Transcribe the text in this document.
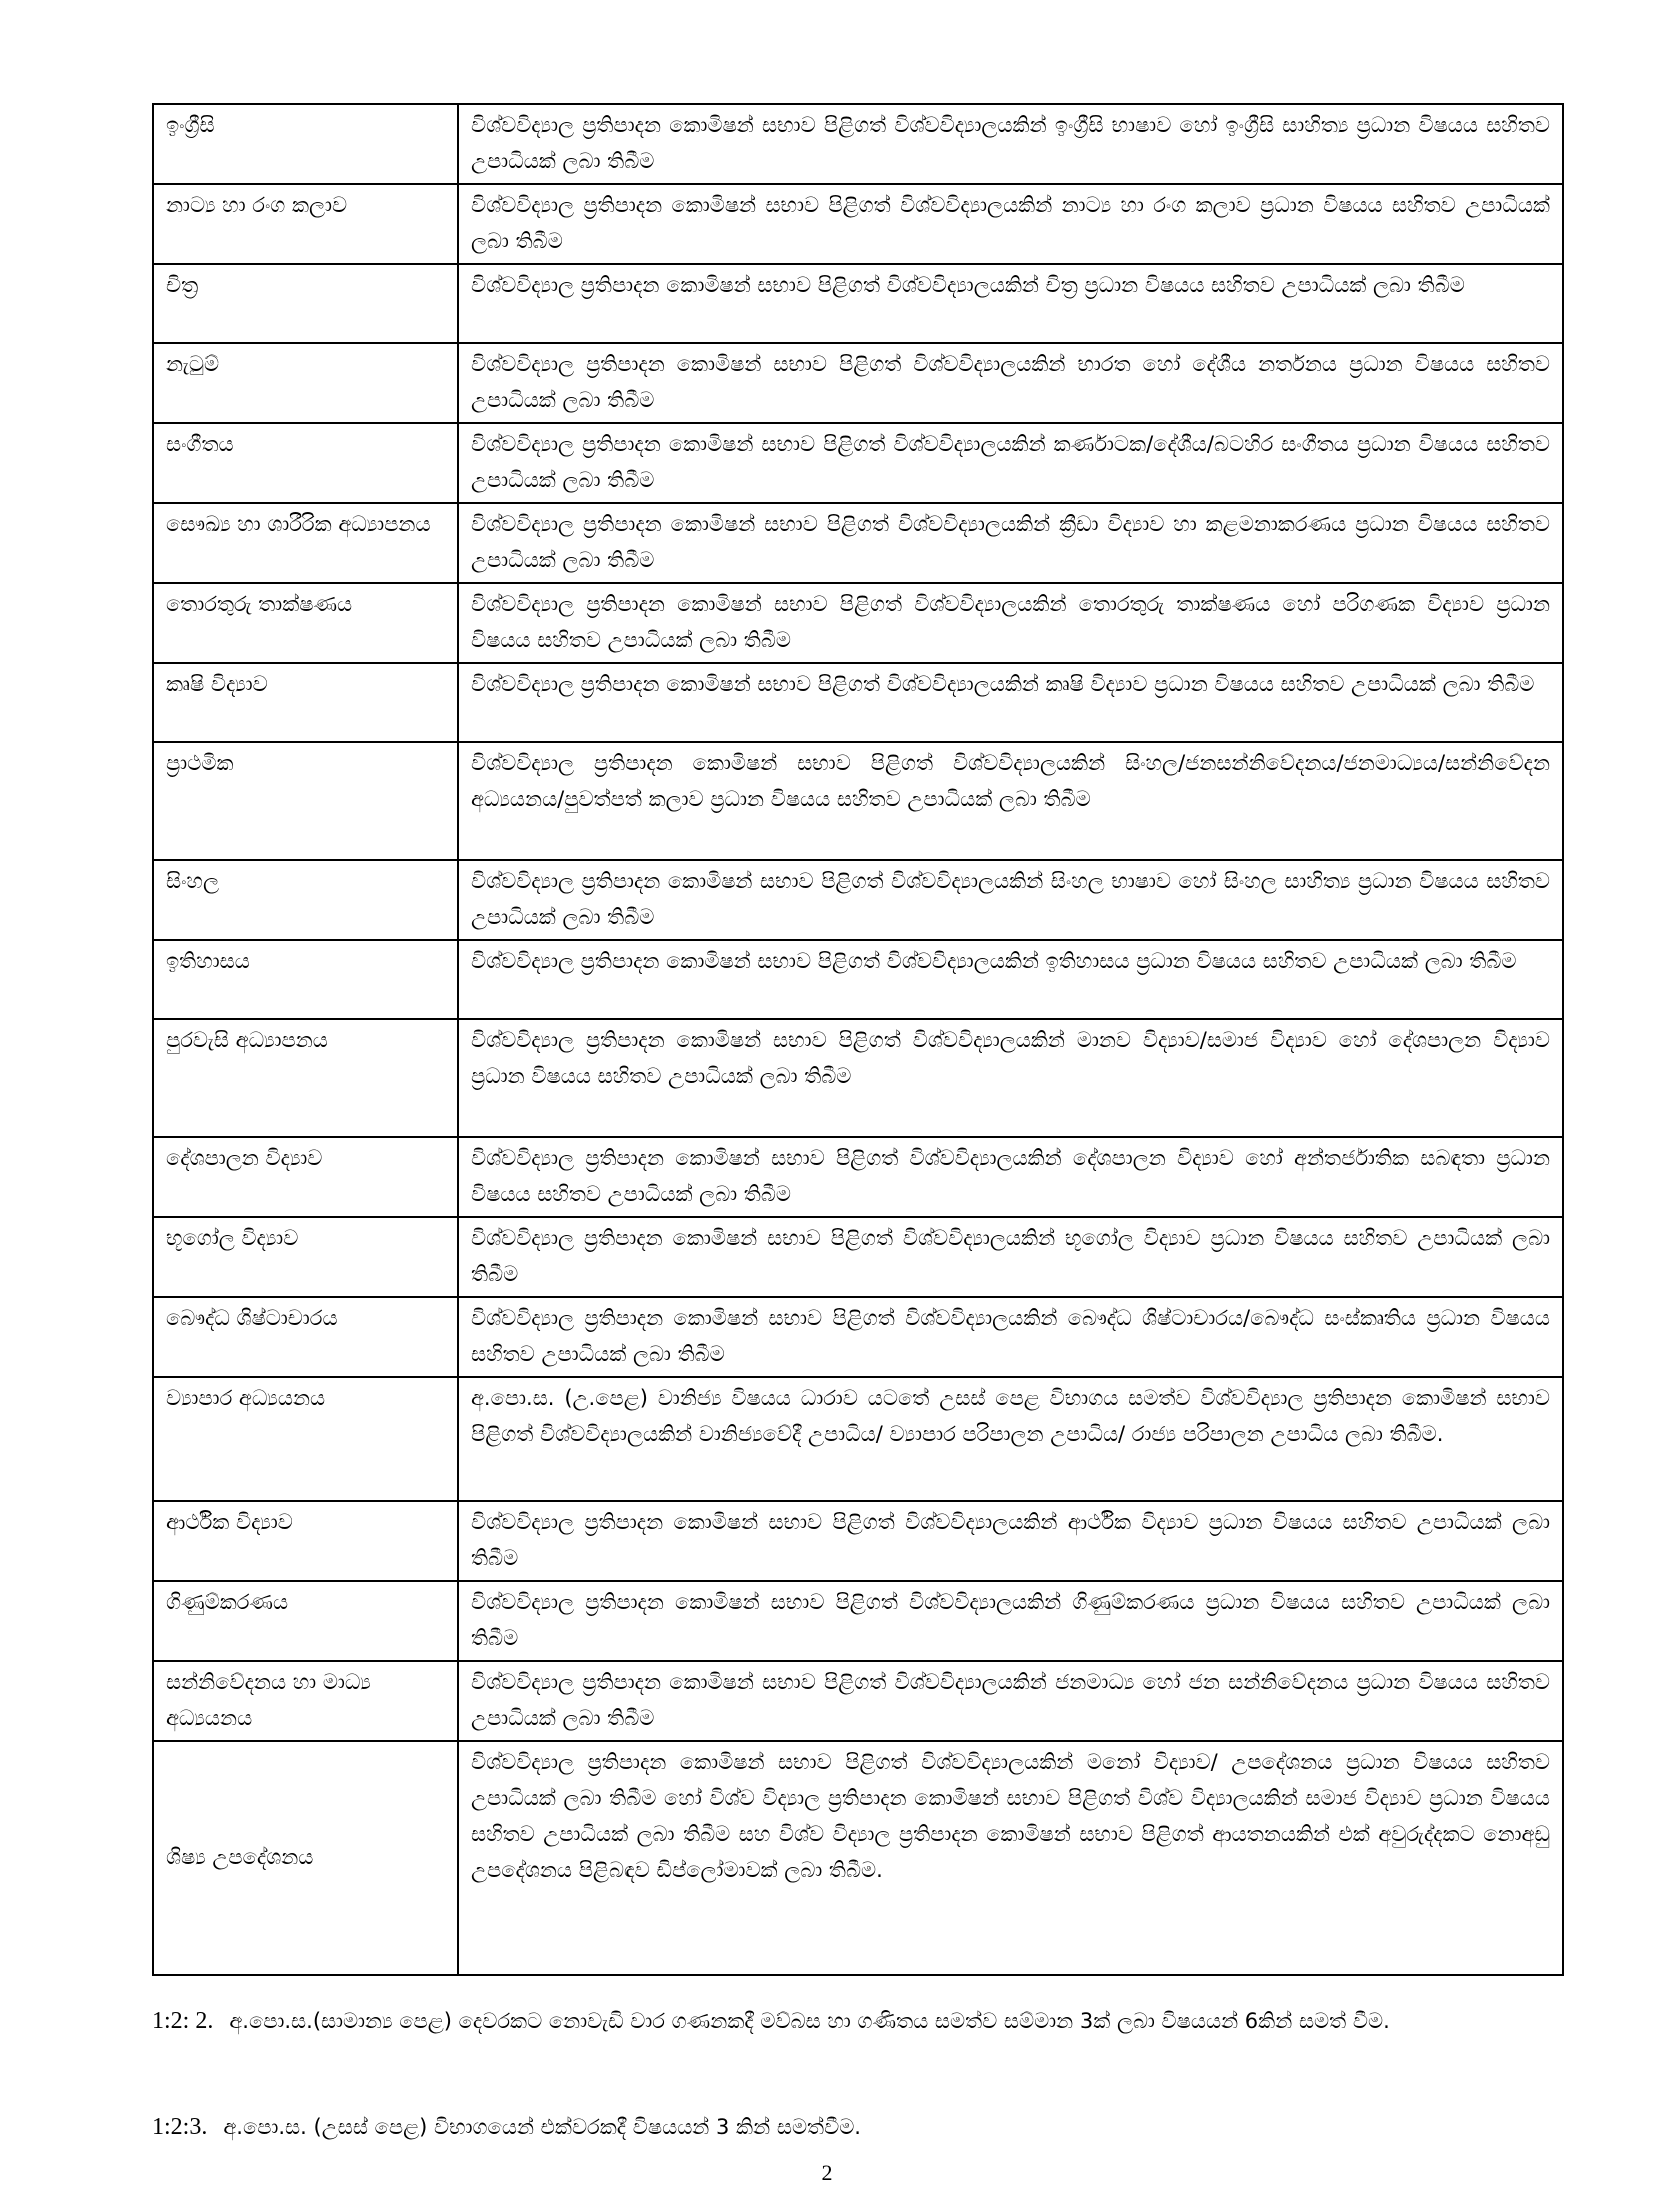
ඉංග්‍රීසි	විශ්වවිද්‍යාල ප්‍රතිපාදන කොමිෂන් සභාව පිළිගත් විශ්වවිද්‍යාලයකින් ඉංග්‍රීසි භාෂාව හෝ ඉංග්‍රීසි සාහිත්‍ය ප්‍රධාන විෂයය සහිතව උපාධියක් ලබා තිබීම
නාට්‍ය හා රංග කලාව	විශ්වවිද්‍යාල ප්‍රතිපාදන කොමිෂන් සභාව පිළිගත් විශ්වවිද්‍යාලයකින් නාට්‍ය හා රංග කලාව ප්‍රධාන විෂයය සහිතව උපාධියක් ලබා තිබීම
චිත්‍ර	විශ්වවිද්‍යාල ප්‍රතිපාදන කොමිෂන් සභාව පිළිගත් විශ්වවිද්‍යාලයකින් චිත්‍ර ප්‍රධාන විෂයය සහිතව උපාධියක් ලබා තිබීම
නැටුම්	විශ්වවිද්‍යාල ප්‍රතිපාදන කොමිෂන් සභාව පිළිගත් විශ්වවිද්‍යාලයකින් භාරත හෝ දේශීය නර්තනය ප්‍රධාන විෂයය සහිතව උපාධියක් ලබා තිබීම
සංගීතය	විශ්වවිද්‍යාල ප්‍රතිපාදන කොමිෂන් සභාව පිළිගත් විශ්වවිද්‍යාලයකින් කර්ණාටක/දේශීය/බටහිර සංගීතය ප්‍රධාන විෂයය සහිතව උපාධියක් ලබා තිබීම
සෞඛ්‍ය හා ශාරීරික අධ්‍යාපනය	විශ්වවිද්‍යාල ප්‍රතිපාදන කොමිෂන් සභාව පිළිගත් විශ්වවිද්‍යාලයකින් ක්‍රීඩා විද්‍යාව හා කළමනාකරණය ප්‍රධාන විෂයය සහිතව උපාධියක් ලබා තිබීම
තොරතුරු තාක්ෂණය	විශ්වවිද්‍යාල ප්‍රතිපාදන කොමිෂන් සභාව පිළිගත් විශ්වවිද්‍යාලයකින් තොරතුරු තාක්ෂණය හෝ පරිගණක විද්‍යාව ප්‍රධාන විෂයය සහිතව උපාධියක් ලබා තිබීම
කෘෂි විද්‍යාව	විශ්වවිද්‍යාල ප්‍රතිපාදන කොමිෂන් සභාව පිළිගත් විශ්වවිද්‍යාලයකින් කෘෂි විද්‍යාව ප්‍රධාන විෂයය සහිතව උපාධියක් ලබා තිබීම
ප්‍රාථමික	විශ්වවිද්‍යාල ප්‍රතිපාදන කොමිෂන් සභාව පිළිගත් විශ්වවිද්‍යාලයකින් සිංහල/ජනසන්නිවේදනය/ජනමාධ්‍යය/සන්නිවේදන අධ්‍යයනය/පුවත්පත් කලාව ප්‍රධාන විෂයය සහිතව උපාධියක් ලබා තිබීම
සිංහල	විශ්වවිද්‍යාල ප්‍රතිපාදන කොමිෂන් සභාව පිළිගත් විශ්වවිද්‍යාලයකින් සිංහල භාෂාව හෝ සිංහල සාහිත්‍ය ප්‍රධාන විෂයය සහිතව උපාධියක් ලබා තිබීම
ඉතිහාසය	විශ්වවිද්‍යාල ප්‍රතිපාදන කොමිෂන් සභාව පිළිගත් විශ්වවිද්‍යාලයකින් ඉතිහාසය ප්‍රධාන විෂයය සහිතව උපාධියක් ලබා තිබීම
පුරවැසි අධ්‍යාපනය	විශ්වවිද්‍යාල ප්‍රතිපාදන කොමිෂන් සභාව පිළිගත් විශ්වවිද්‍යාලයකින් මානව විද්‍යාව/සමාජ විද්‍යාව හෝ දේශපාලන විද්‍යාව ප්‍රධාන විෂයය සහිතව උපාධියක් ලබා තිබීම
දේශපාලන විද්‍යාව	විශ්වවිද්‍යාල ප්‍රතිපාදන කොමිෂන් සභාව පිළිගත් විශ්වවිද්‍යාලයකින් දේශපාලන විද්‍යාව හෝ අන්තර්ජාතික සබඳතා ප්‍රධාන විෂයය සහිතව උපාධියක් ලබා තිබීම
භූගෝල විද්‍යාව	විශ්වවිද්‍යාල ප්‍රතිපාදන කොමිෂන් සභාව පිළිගත් විශ්වවිද්‍යාලයකින් භූගෝල විද්‍යාව ප්‍රධාන විෂයය සහිතව උපාධියක් ලබා තිබීම
බෞද්ධ ශිෂ්ටාචාරය	විශ්වවිද්‍යාල ප්‍රතිපාදන කොමිෂන් සභාව පිළිගත් විශ්වවිද්‍යාලයකින් බෞද්ධ ශිෂ්ටාචාරය/බෞද්ධ සංස්කෘතිය ප්‍රධාන විෂයය සහිතව උපාධියක් ලබා තිබීම
ව්‍යාපාර අධ්‍යයනය	අ.පො.ස. (උ.පෙළ) වානිජ්‍ය විෂයය ධාරාව යටතේ උසස් පෙළ විභාගය සමත්ව විශ්වවිද්‍යාල ප්‍රතිපාදන කොමිෂන් සභාව පිළිගත් විශ්වවිද්‍යාලයකින් වානිජ්‍යවේදී උපාධිය/ ව්‍යාපාර පරිපාලන උපාධිය/ රාජ්‍ය පරිපාලන උපාධිය ලබා තිබීම.
ආර්ථික විද්‍යාව	විශ්වවිද්‍යාල ප්‍රතිපාදන කොමිෂන් සභාව පිළිගත් විශ්වවිද්‍යාලයකින් ආර්ථික විද්‍යාව ප්‍රධාන විෂයය සහිතව උපාධියක් ලබා තිබීම
ගිණුම්කරණය	විශ්වවිද්‍යාල ප්‍රතිපාදන කොමිෂන් සභාව පිළිගත් විශ්වවිද්‍යාලයකින් ගිණුම්කරණය ප්‍රධාන විෂයය සහිතව උපාධියක් ලබා තිබීම
සන්නිවේදනය හා මාධ්‍ය අධ්‍යයනය	විශ්වවිද්‍යාල ප්‍රතිපාදන කොමිෂන් සභාව පිළිගත් විශ්වවිද්‍යාලයකින් ජනමාධ්‍ය හෝ ජන සන්නිවේදනය ප්‍රධාන විෂයය සහිතව උපාධියක් ලබා තිබීම
ශිෂ්‍ය උපදේශනය	විශ්වවිද්‍යාල ප්‍රතිපාදන කොමිෂන් සභාව පිළිගත් විශ්වවිද්‍යාලයකින් මනෝ විද්‍යාව/ උපදේශනය ප්‍රධාන විෂයය සහිතව උපාධියක් ලබා තිබීම හෝ විශ්ව විද්‍යාල ප්‍රතිපාදන කොමිෂන් සභාව පිළිගත් විශ්ව විද්‍යාලයකින් සමාජ විද්‍යාව ප්‍රධාන විෂයය සහිතව උපාධියක් ලබා තිබීම සහ විශ්ව විද්‍යාල ප්‍රතිපාදන කොමිෂන් සභාව පිළිගත් ආයතනයකින් එක් අවුරුද්දකට නොඅඩු උපදේශනය පිළිබඳව ඩිප්ලෝමාවක් ලබා තිබීම.
1:2: 2. අ.පො.ස.(සාමාන්‍ය පෙළ) දෙවරකට නොවැඩි වාර ගණනකදී මව්බස හා ගණිතය සමත්ව සම්මාන 3ක් ලබා විෂයයන් 6කින් සමත් වීම.
1:2:3. අ.පො.ස. (උසස් පෙළ) විභාගයෙන් එක්වරකදී විෂයයන් 3 කින් සමත්වීම.
2
